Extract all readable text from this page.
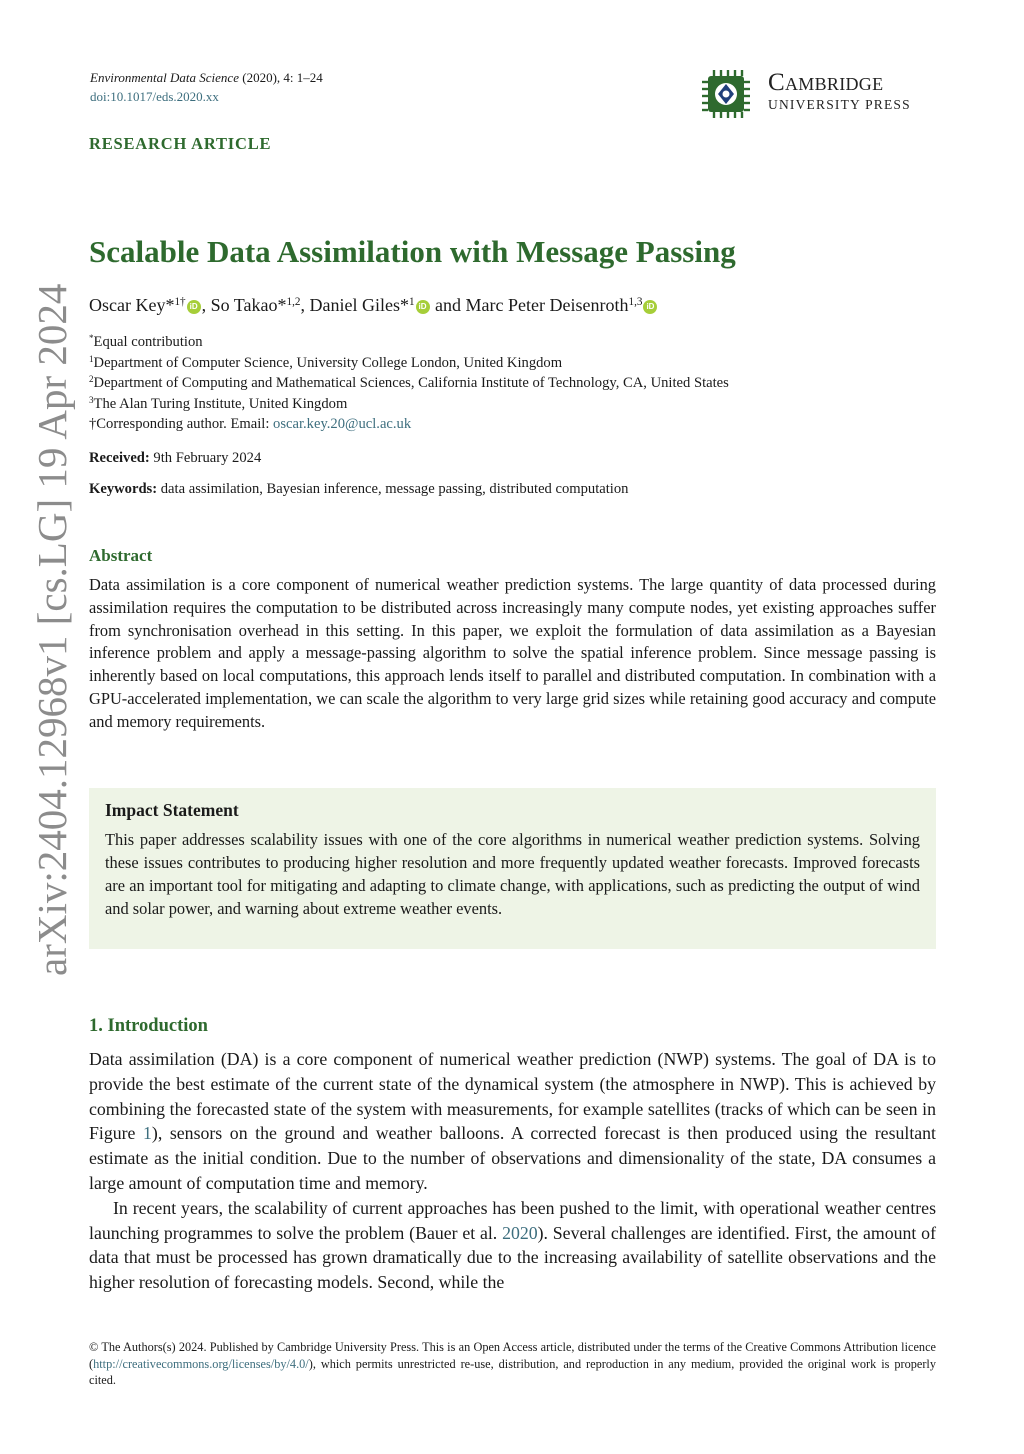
arXiv:2404.12968v1 [cs.LG] 19 Apr 2024
Environmental Data Science (2020), 4: 1–24
doi:10.1017/eds.2020.xx
Cambridge
UNIVERSITY PRESS
RESEARCH ARTICLE
Scalable Data Assimilation with Message Passing
Oscar Key*$^{1\dagger}$ iD , So Takao*$^{1,2}$, Daniel Giles*$^1$ iD and Marc Peter Deisenroth$^{1,3}$ iD
*Equal contribution
$^1$Department of Computer Science, University College London, United Kingdom
$^2$Department of Computing and Mathematical Sciences, California Institute of Technology, CA, United States
$^3$The Alan Turing Institute, United Kingdom
†Corresponding author. Email: oscar.key.20@ucl.ac.uk
Received: 9th February 2024
Keywords: data assimilation, Bayesian inference, message passing, distributed computation
Abstract
Data assimilation is a core component of numerical weather prediction systems. The large quantity of data processed during assimilation requires the computation to be distributed across increasingly many compute nodes, yet existing approaches suffer from synchronisation overhead in this setting. In this paper, we exploit the formulation of data assimilation as a Bayesian inference problem and apply a message-passing algorithm to solve the spatial inference problem. Since message passing is inherently based on local computations, this approach lends itself to parallel and distributed computation. In combination with a GPU-accelerated implementation, we can scale the algorithm to very large grid sizes while retaining good accuracy and compute and memory requirements.
Impact Statement
This paper addresses scalability issues with one of the core algorithms in numerical weather prediction systems. Solving these issues contributes to producing higher resolution and more frequently updated weather forecasts. Improved forecasts are an important tool for mitigating and adapting to climate change, with applications, such as predicting the output of wind and solar power, and warning about extreme weather events.
1. Introduction

Data assimilation (DA) is a core component of numerical weather prediction (NWP) systems. The goal of DA is to provide the best estimate of the current state of the dynamical system (the atmosphere in NWP). This is achieved by combining the forecasted state of the system with measurements, for example satellites (tracks of which can be seen in Figure 1), sensors on the ground and weather balloons. A corrected forecast is then produced using the resultant estimate as the initial condition. Due to the number of observations and dimensionality of the state, DA consumes a large amount of computation time and memory.

In recent years, the scalability of current approaches has been pushed to the limit, with operational weather centres launching programmes to solve the problem (Bauer et al. 2020). Several challenges are identified. First, the amount of data that must be processed has grown dramatically due to the increasing availability of satellite observations and the higher resolution of forecasting models. Second, while the

© The Authors(s) 2024. Published by Cambridge University Press. This is an Open Access article, distributed under the terms of the Creative Commons Attribution licence (http://creativecommons.org/licenses/by/4.0/), which permits unrestricted re-use, distribution, and reproduction in any medium, provided the original work is properly cited.
